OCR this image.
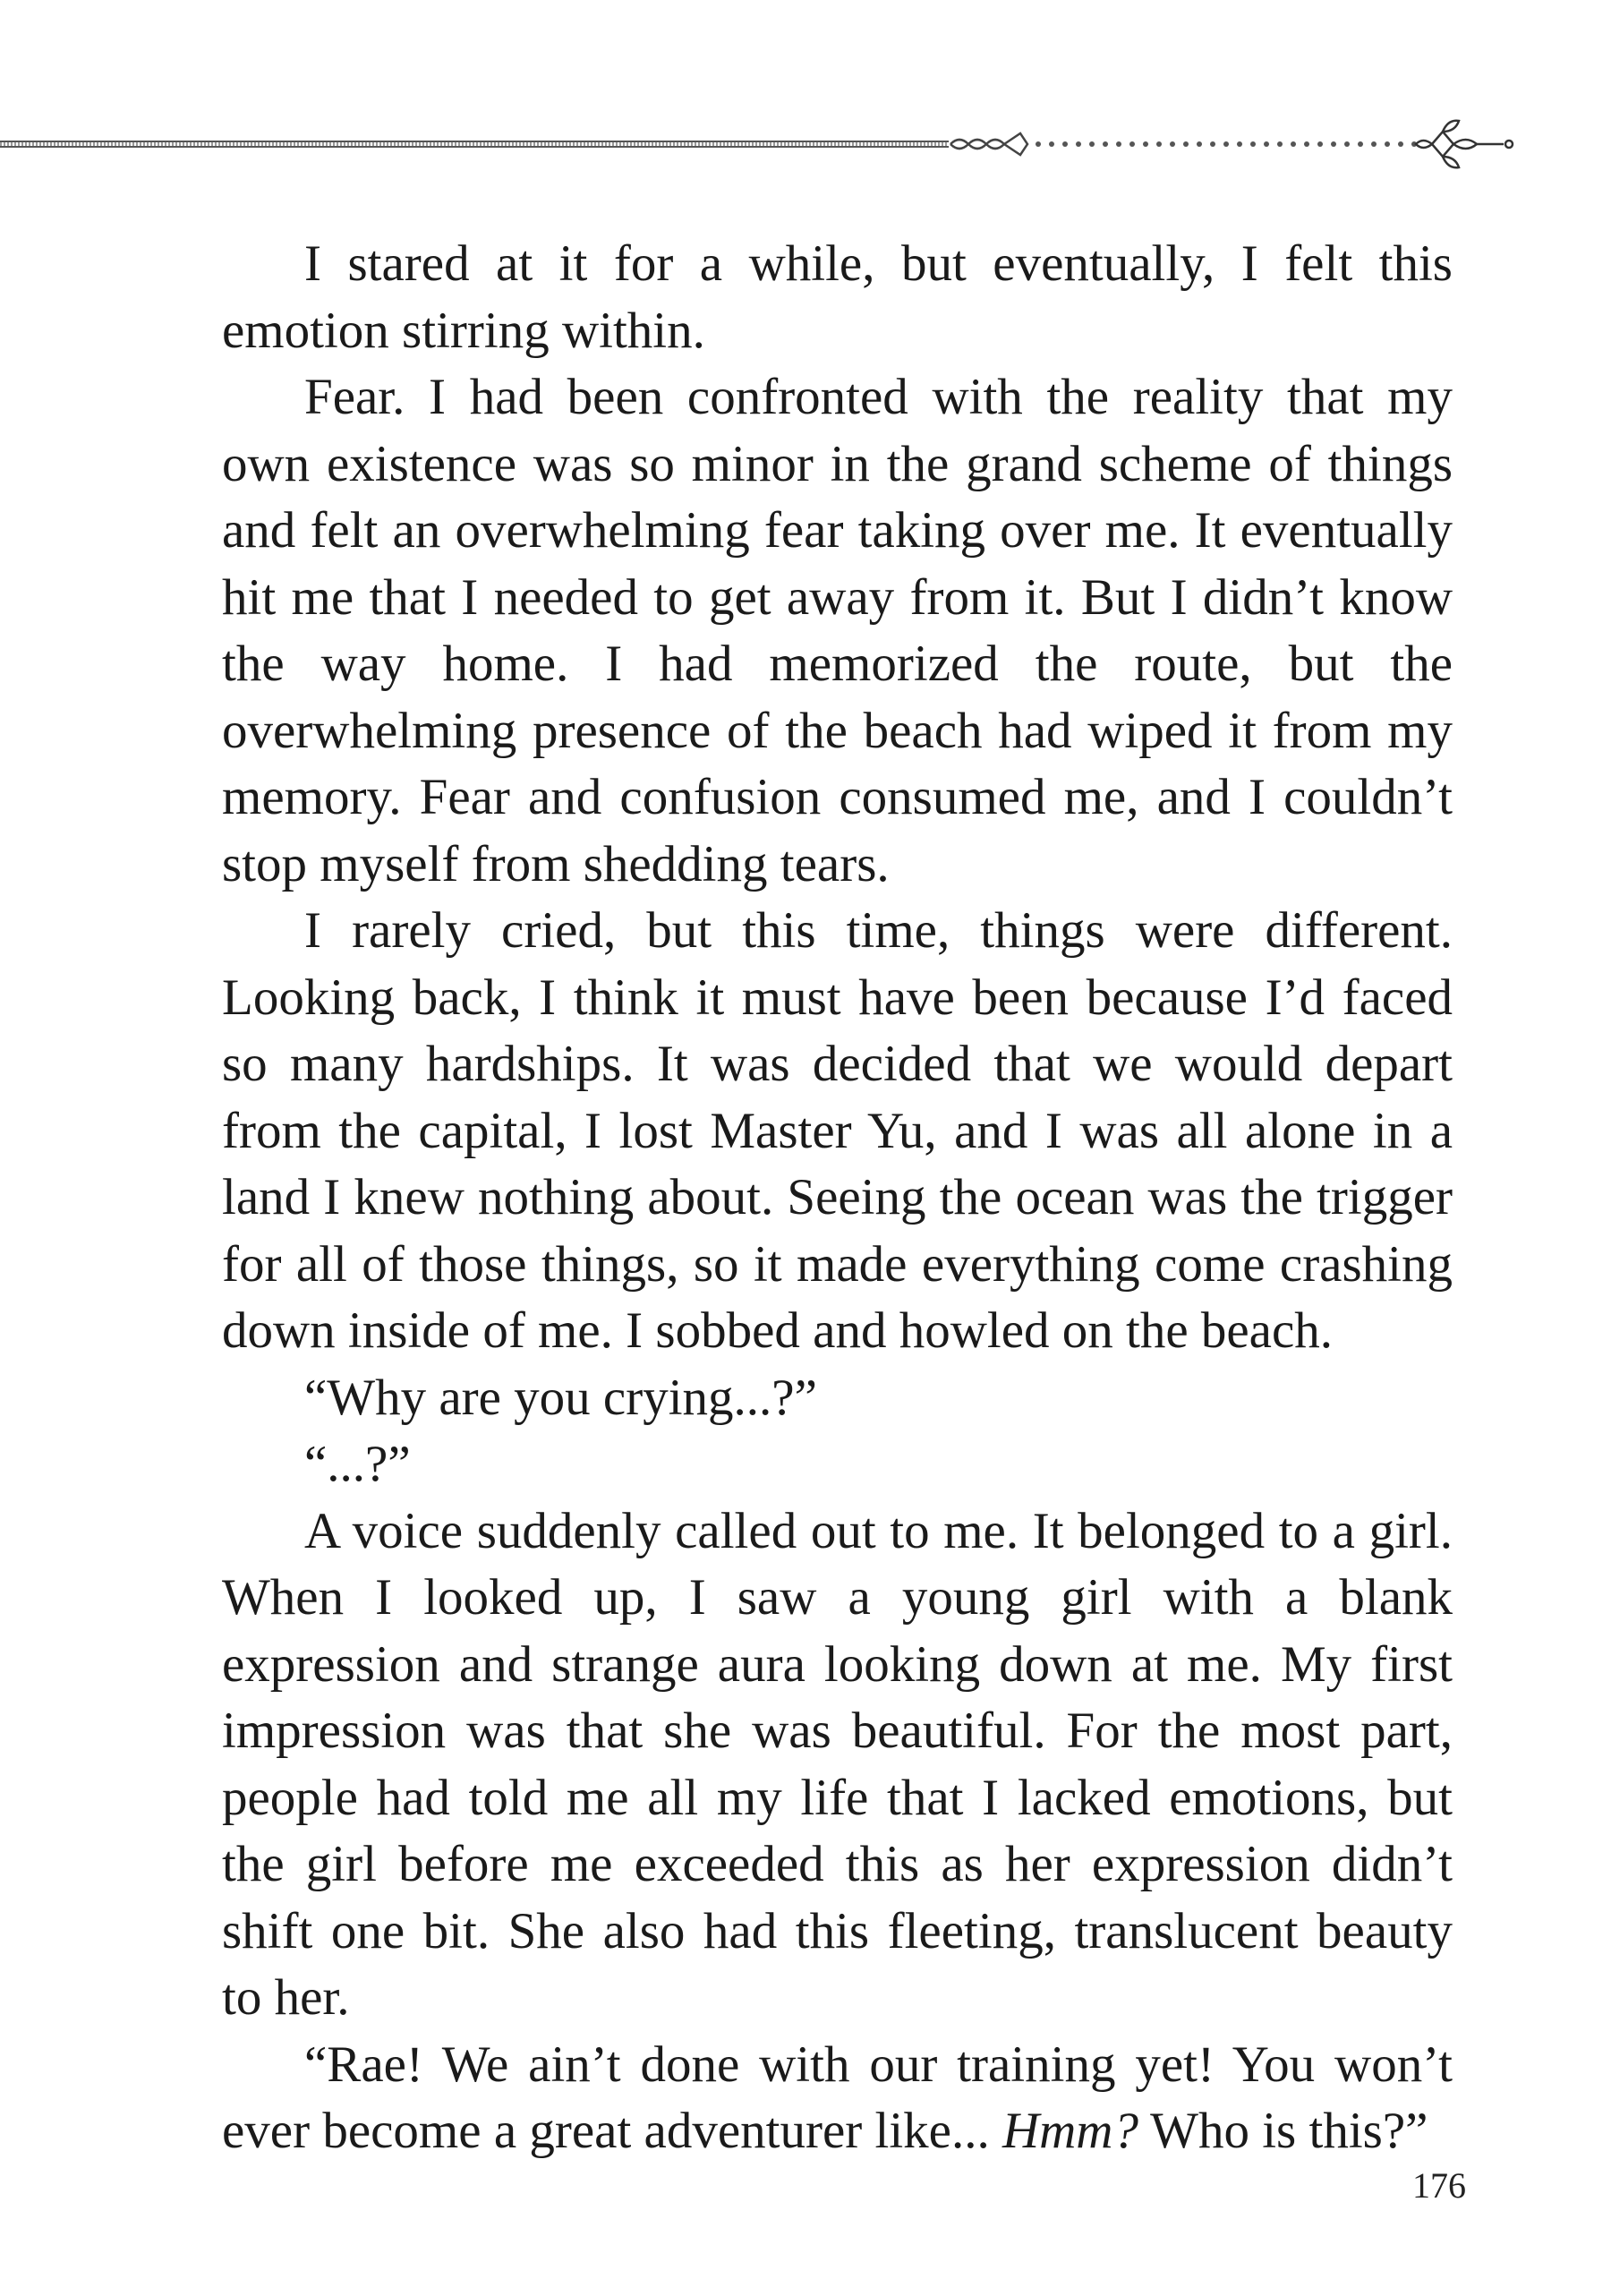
I stared at it for a while, but eventually, I felt this emotion stirring within.

Fear. I had been confronted with the reality that my own existence was so minor in the grand scheme of things and felt an overwhelming fear taking over me. It eventually hit me that I needed to get away from it. But I didn’t know the way home. I had memorized the route, but the overwhelming presence of the beach had wiped it from my memory. Fear and confusion consumed me, and I couldn’t stop myself from shedding tears.

I rarely cried, but this time, things were different. Looking back, I think it must have been because I’d faced so many hardships. It was decided that we would depart from the capital, I lost Master Yu, and I was all alone in a land I knew nothing about. Seeing the ocean was the trigger for all of those things, so it made everything come crashing down inside of me. I sobbed and howled on the beach.

“Why are you crying...?”

“...?”

A voice suddenly called out to me. It belonged to a girl. When I looked up, I saw a young girl with a blank expression and strange aura looking down at me. My first impression was that she was beautiful. For the most part, people had told me all my life that I lacked emotions, but the girl before me exceeded this as her expression didn’t shift one bit. She also had this fleeting, translucent beauty to her.

“Rae! We ain’t done with our training yet! You won’t ever become a great adventurer like... Hmm? Who is this?”

176
